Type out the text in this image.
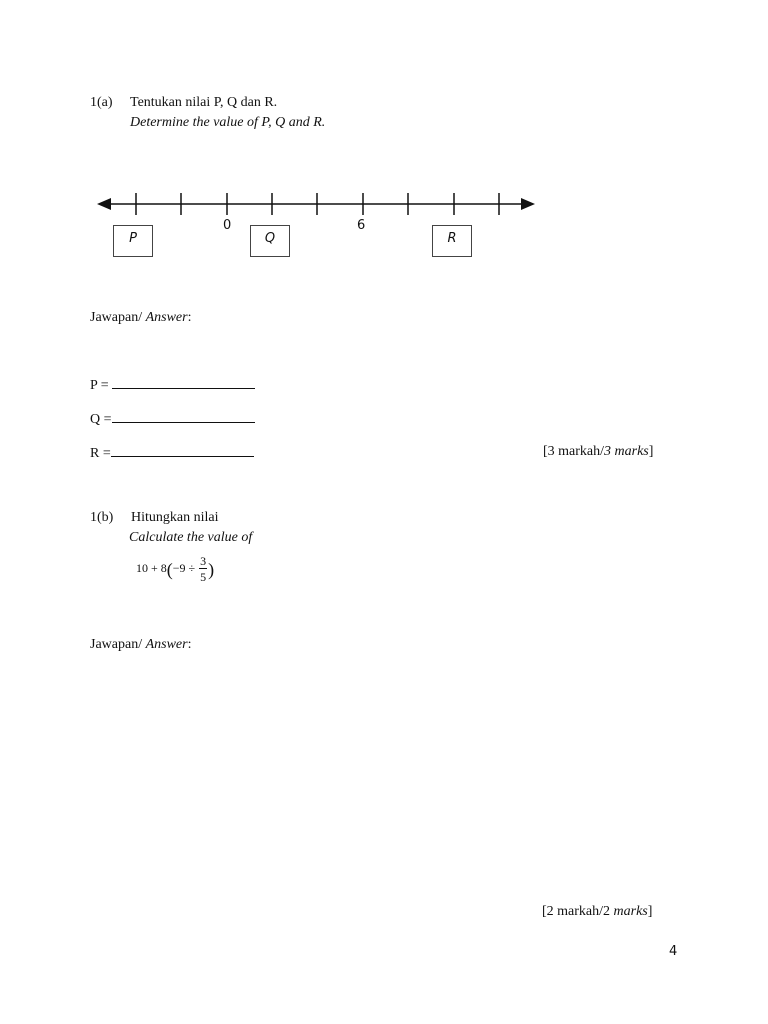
1(a) Tentukan nilai P, Q dan R.
Determine the value of P, Q and R.
0	6
P	Q	R
Jawapan/ Answer:
P =
Q =
R =	[3 markah/3 marks]
1(b) Hitungkan nilai
Calculate the value of
$10 + 8(-9 \div \frac{3}{5}$ )
Jawapan/ Answer:
[2 markah/2 marks]
4
